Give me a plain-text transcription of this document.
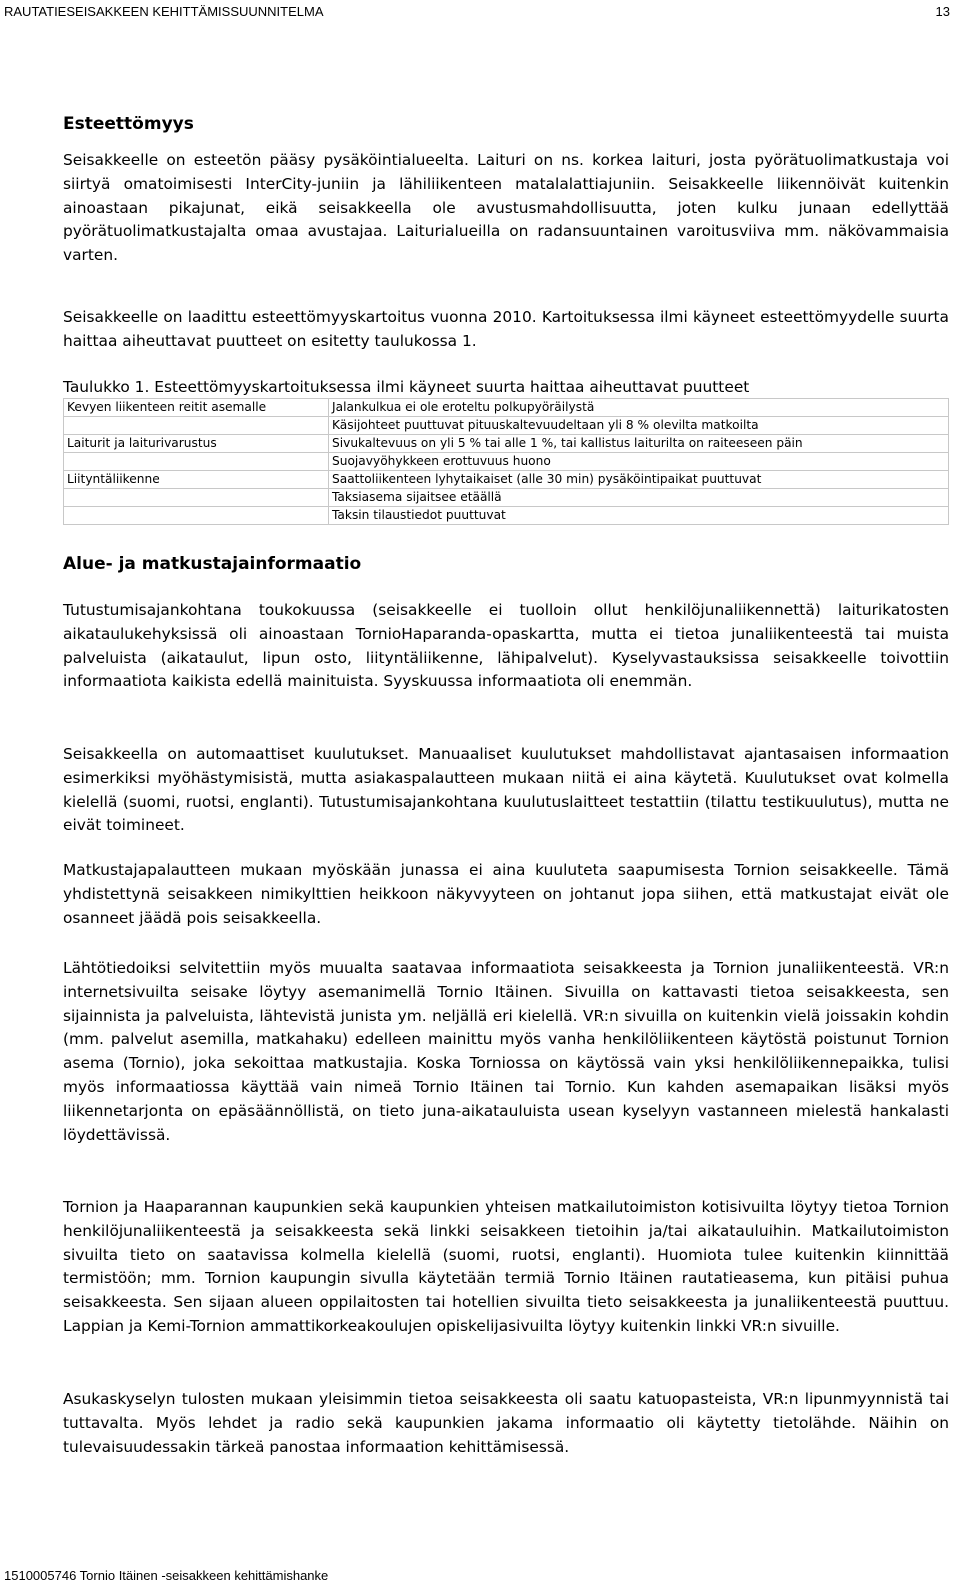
RAUTATIESEISAKKEEN KEHITTÄMISSUUNNITELMA	13
Esteettömyys

Seisakkeelle on esteetön pääsy pysäköintialueelta. Laituri on ns. korkea laituri, josta pyörätuolimatkustaja voi siirtyä omatoimisesti InterCity-juniin ja lähiliikenteen matalalattiajuniin. Seisakkeelle liikennöivät kuitenkin ainoastaan pikajunat, eikä seisakkeella ole avustusmahdollisuutta, joten kulku junaan edellyttää pyörätuolimatkustajalta omaa avustajaa. Laiturialueilla on radansuuntainen varoitusviiva mm. näkövammaisia varten.

Seisakkeelle on laadittu esteettömyyskartoitus vuonna 2010. Kartoituksessa ilmi käyneet esteettömyydelle suurta haittaa aiheuttavat puutteet on esitetty taulukossa 1.

Taulukko 1. Esteettömyyskartoituksessa ilmi käyneet suurta haittaa aiheuttavat puutteet
Kevyen liikenteen reitit asemalle	Jalankulkua ei ole eroteltu polkupyöräilystä
	Käsijohteet puuttuvat pituuskaltevuudeltaan yli 8 % olevilta matkoilta
Laiturit ja laiturivarustus	Sivukaltevuus on yli 5 % tai alle 1 %, tai kallistus laiturilta on raiteeseen päin
	Suojavyöhykkeen erottuvuus huono
Liityntäliikenne	Saattoliikenteen lyhytaikaiset (alle 30 min) pysäköintipaikat puuttuvat
	Taksiasema sijaitsee etäällä
	Taksin tilaustiedot puuttuvat
Alue- ja matkustajainformaatio

Tutustumisajankohtana toukokuussa (seisakkeelle ei tuolloin ollut henkilöjunaliikennettä) laiturikatosten aikataulukehyksissä oli ainoastaan TornioHaparanda-opaskartta, mutta ei tietoa junaliikenteestä tai muista palveluista (aikataulut, lipun osto, liityntäliikenne, lähipalvelut). Kyselyvastauksissa seisakkeelle toivottiin informaatiota kaikista edellä mainituista. Syyskuussa informaatiota oli enemmän.

Seisakkeella on automaattiset kuulutukset. Manuaaliset kuulutukset mahdollistavat ajantasaisen informaation esimerkiksi myöhästymisistä, mutta asiakaspalautteen mukaan niitä ei aina käytetä. Kuulutukset ovat kolmella kielellä (suomi, ruotsi, englanti). Tutustumisajankohtana kuulutuslaitteet testattiin (tilattu testikuulutus), mutta ne eivät toimineet.

Matkustajapalautteen mukaan myöskään junassa ei aina kuuluteta saapumisesta Tornion seisakkeelle. Tämä yhdistettynä seisakkeen nimikylttien heikkoon näkyvyyteen on johtanut jopa siihen, että matkustajat eivät ole osanneet jäädä pois seisakkeella.

Lähtötiedoiksi selvitettiin myös muualta saatavaa informaatiota seisakkeesta ja Tornion junaliikenteestä. VR:n internetsivuilta seisake löytyy asemanimellä Tornio Itäinen. Sivuilla on kattavasti tietoa seisakkeesta, sen sijainnista ja palveluista, lähtevistä junista ym. neljällä eri kielellä. VR:n sivuilla on kuitenkin vielä joissakin kohdin (mm. palvelut asemilla, matkahaku) edelleen mainittu myös vanha henkilöliikenteen käytöstä poistunut Tornion asema (Tornio), joka sekoittaa matkustajia. Koska Torniossa on käytössä vain yksi henkilöliikennepaikka, tulisi myös informaatiossa käyttää vain nimeä Tornio Itäinen tai Tornio. Kun kahden asemapaikan lisäksi myös liikennetarjonta on epäsäännöllistä, on tieto juna-aikatauluista usean kyselyyn vastanneen mielestä hankalasti löydettävissä.

Tornion ja Haaparannan kaupunkien sekä kaupunkien yhteisen matkailutoimiston kotisivuilta löytyy tietoa Tornion henkilöjunaliikenteestä ja seisakkeesta sekä linkki seisakkeen tietoihin ja/tai aikatauluihin. Matkailutoimiston sivuilta tieto on saatavissa kolmella kielellä (suomi, ruotsi, englanti). Huomiota tulee kuitenkin kiinnittää termistöön; mm. Tornion kaupungin sivulla käytetään termiä Tornio Itäinen rautatieasema, kun pitäisi puhua seisakkeesta. Sen sijaan alueen oppilaitosten tai hotellien sivuilta tieto seisakkeesta ja junaliikenteestä puuttuu. Lappian ja Kemi-Tornion ammattikorkeakoulujen opiskelijasivuilta löytyy kuitenkin linkki VR:n sivuille.

Asukaskyselyn tulosten mukaan yleisimmin tietoa seisakkeesta oli saatu katuopasteista, VR:n lipunmyynnistä tai tuttavalta. Myös lehdet ja radio sekä kaupunkien jakama informaatio oli käytetty tietolähde. Näihin on tulevaisuudessakin tärkeä panostaa informaation kehittämisessä.

1510005746 Tornio Itäinen -seisakkeen kehittämishanke
